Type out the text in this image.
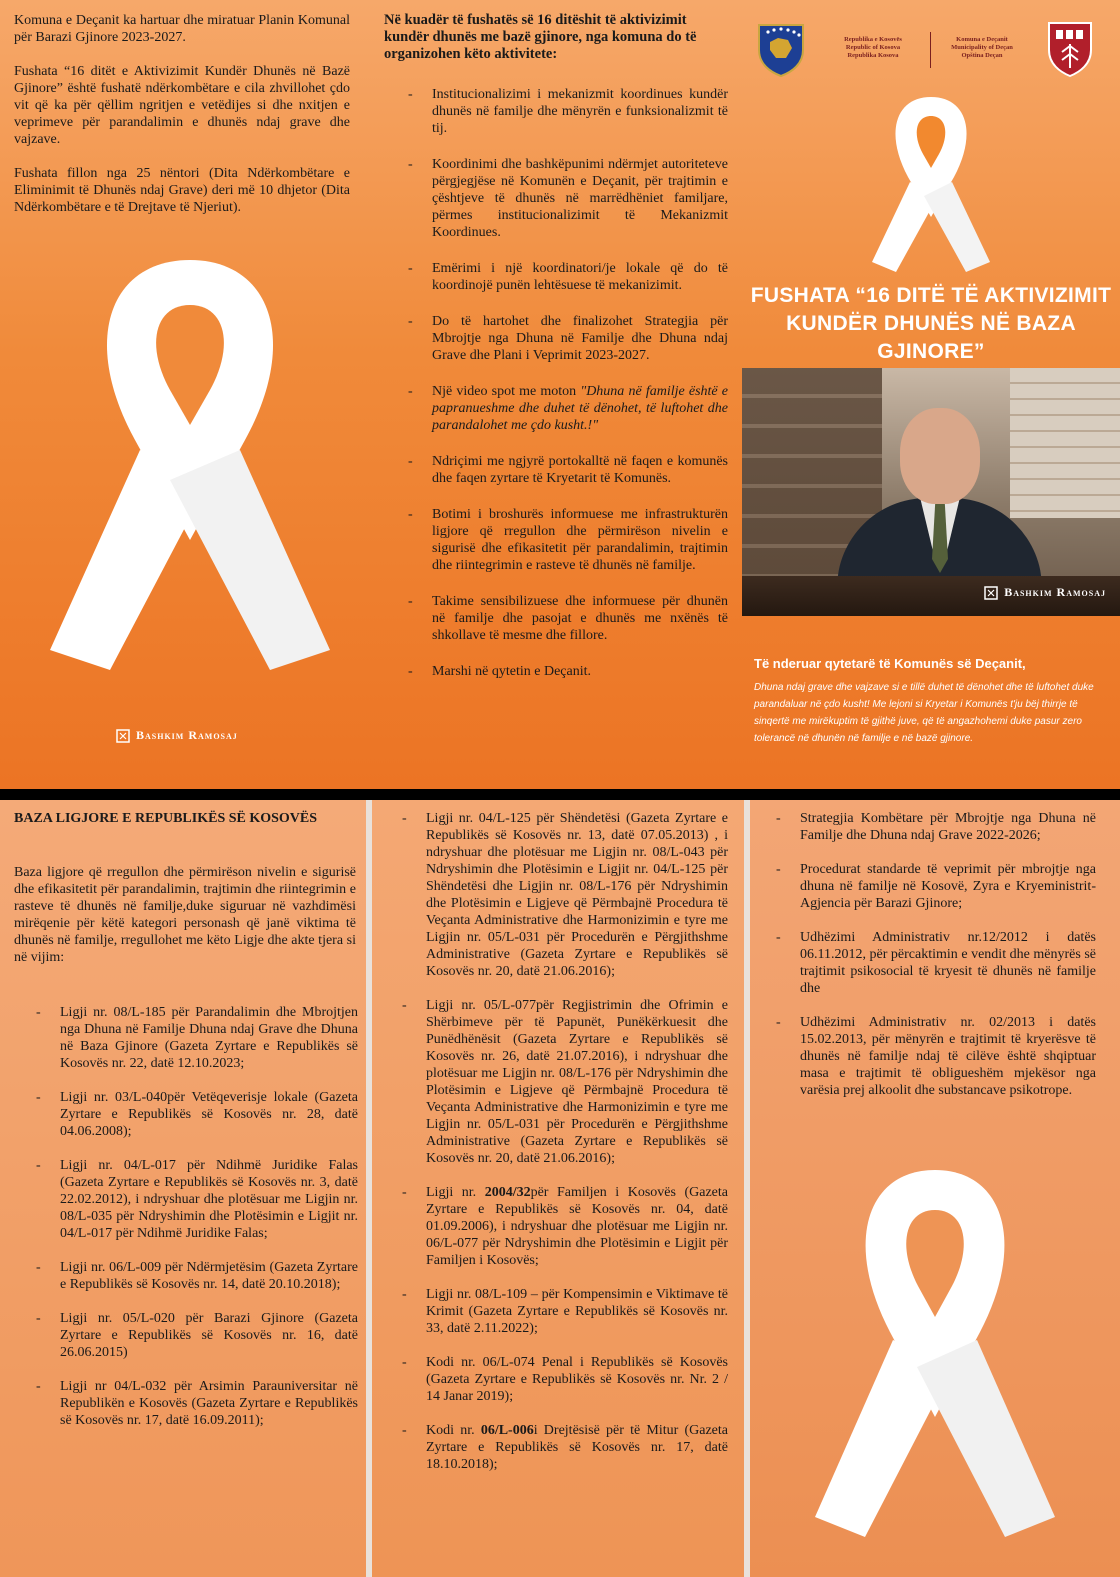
Komuna e Deçanit ka hartuar dhe miratuar Planin Komunal për Barazi Gjinore 2023-2027.

Fushata “16 ditët e Aktivizimit Kundër Dhunës në Bazë Gjinore” është fushatë ndërkombëtare e cila zhvillohet çdo vit që ka për qëllim ngritjen e vetëdijes si dhe nxitjen e veprimeve për parandalimin e dhunës ndaj grave dhe vajzave.

Fushata fillon nga 25 nëntori (Dita Ndërkombëtare e Eliminimit të Dhunës ndaj Grave) deri më 10 dhjetor (Dita Ndërkombëtare e të Drejtave të Njeriut).

Bashkim Ramosaj
Në kuadër të fushatës së 16 ditëshit të aktivizimit kundër dhunës me bazë gjinore, nga komuna do të organizohen këto aktivitete:
- Institucionalizimi i mekanizmit koordinues kundër dhunës në familje dhe mënyrën e funksionalizmit të tij.
- Koordinimi dhe bashkëpunimi ndërmjet autoriteteve përgjegjëse në Komunën e Deçanit, për trajtimin e çështjeve të dhunës në marrëdhëniet familjare, përmes institucionalizimit të Mekanizmit Koordinues.
- Emërimi i një koordinatori/je lokale që do të koordinojë punën lehtësuese të mekanizimit.
- Do të hartohet dhe finalizohet Strategjia për Mbrojtje nga Dhuna në Familje dhe Dhuna ndaj Grave dhe Plani i Veprimit 2023-2027.
- Një video spot me moton "Dhuna në familje është e papranueshme dhe duhet të dënohet, të luftohet dhe parandalohet me çdo kusht.!"
- Ndriçimi me ngjyrë portokalltë në faqen e komunës dhe faqen zyrtare të Kryetarit të Komunës.
- Botimi i broshurës informuese me infrastrukturën ligjore që rregullon dhe përmirëson nivelin e sigurisë dhe efikasitetit për parandalimin, trajtimin dhe riintegrimin e rasteve të dhunës në familje.
- Takime sensibilizuese dhe informuese për dhunën në familje dhe pasojat e dhunës me nxënës të shkollave të mesme dhe fillore.
- Marshi në qytetin e Deçanit.
Republika e Kosovës
Republic of Kosova
Republika Kosova
Komuna e Deçanit
Municipality of Deçan
Opština Deçan
FUSHATA “16 DITË TË AKTIVIZIMIT
KUNDËR DHUNËS NË BAZA GJINORE”
Bashkim Ramosaj
Të nderuar qytetarë të Komunës së Deçanit,
Dhuna ndaj grave dhe vajzave si e tillë duhet të dënohet dhe të luftohet duke parandaluar në çdo kusht! Me lejoni si Kryetar i Komunës t'ju bëj thirrje të sinqertë me mirëkuptim të gjithë juve, që të angazhohemi duke pasur zero tolerancë në dhunën në familje e në bazë gjinore.
BAZA LIGJORE E REPUBLIKËS SË KOSOVËS
Baza ligjore që rregullon dhe përmirëson nivelin e sigurisë dhe efikasitetit për parandalimin, trajtimin dhe riintegrimin e rasteve të dhunës në familje,duke siguruar në vazhdimësi mirëqenie për këtë kategori personash që janë viktima të dhunës në familje, rregullohet me këto Ligje dhe akte tjera si në vijim:
- Ligji nr. 08/L-185 për Parandalimin dhe Mbrojtjen nga Dhuna në Familje Dhuna ndaj Grave dhe Dhuna në Baza Gjinore (Gazeta Zyrtare e Republikës së Kosovës nr. 22, datë 12.10.2023;
- Ligji nr. 03/L-040për Vetëqeverisje lokale (Gazeta Zyrtare e Republikës së Kosovës nr. 28, datë 04.06.2008);
- Ligji nr. 04/L-017 për Ndihmë Juridike Falas (Gazeta Zyrtare e Republikës së Kosovës nr. 3, datë 22.02.2012), i ndryshuar dhe plotësuar me Ligjin nr. 08/L-035 për Ndryshimin dhe Plotësimin e Ligjit nr. 04/L-017 për Ndihmë Juridike Falas;
- Ligji nr. 06/L-009 për Ndërmjetësim (Gazeta Zyrtare e Republikës së Kosovës nr. 14, datë 20.10.2018);
- Ligji nr. 05/L-020 për Barazi Gjinore (Gazeta Zyrtare e Republikës së Kosovës nr. 16, datë 26.06.2015)
- Ligji nr 04/L-032 për Arsimin Parauniversitar në Republikën e Kosovës (Gazeta Zyrtare e Republikës së Kosovës nr. 17, datë 16.09.2011);
- Ligji nr. 04/L-125 për Shëndetësi (Gazeta Zyrtare e Republikës së Kosovës nr. 13, datë 07.05.2013) , i ndryshuar dhe plotësuar me Ligjin nr. 08/L-043 për Ndryshimin dhe Plotësimin e Ligjit nr. 04/L-125 për Shëndetësi dhe Ligjin nr. 08/L-176 për Ndryshimin dhe Plotësimin e Ligjeve që Përmbajnë Procedura të Veçanta Administrative dhe Harmonizimin e tyre me Ligjin nr. 05/L-031 për Procedurën e Përgjithshme Administrative (Gazeta Zyrtare e Republikës së Kosovës nr. 20, datë 21.06.2016);
- Ligji nr. 05/L-077për Regjistrimin dhe Ofrimin e Shërbimeve për të Papunët, Punëkërkuesit dhe Punëdhënësit (Gazeta Zyrtare e Republikës së Kosovës nr. 26, datë 21.07.2016), i ndryshuar dhe plotësuar me Ligjin nr. 08/L-176 për Ndryshimin dhe Plotësimin e Ligjeve që Përmbajnë Procedura të Veçanta Administrative dhe Harmonizimin e tyre me Ligjin nr. 05/L-031 për Procedurën e Përgjithshme Administrative (Gazeta Zyrtare e Republikës së Kosovës nr. 20, datë 21.06.2016);
- Ligji nr. 2004/32për Familjen i Kosovës (Gazeta Zyrtare e Republikës së Kosovës nr. 04, datë 01.09.2006), i ndryshuar dhe plotësuar me Ligjin nr. 06/L-077 për Ndryshimin dhe Plotësimin e Ligjit për Familjen i Kosovës;
- Ligji nr. 08/L-109 – për Kompensimin e Viktimave të Krimit (Gazeta Zyrtare e Republikës së Kosovës nr. 33, datë 2.11.2022);
- Kodi nr. 06/L-074 Penal i Republikës së Kosovës (Gazeta Zyrtare e Republikës së Kosovës nr. Nr. 2 / 14 Janar 2019);
- Kodi nr. 06/L-006i Drejtësisë për të Mitur (Gazeta Zyrtare e Republikës së Kosovës nr. 17, datë 18.10.2018);
- Strategjia Kombëtare për Mbrojtje nga Dhuna në Familje dhe Dhuna ndaj Grave 2022-2026;
- Procedurat standarde të veprimit për mbrojtje nga dhuna në familje në Kosovë, Zyra e Kryeministrit- Agjencia për Barazi Gjinore;
- Udhëzimi Administrativ nr.12/2012 i datës 06.11.2012, për përcaktimin e vendit dhe mënyrës së trajtimit psikosocial të kryesit të dhunës në familje dhe
- Udhëzimi Administrativ nr. 02/2013 i datës 15.02.2013, për mënyrën e trajtimit të kryerësve të dhunës në familje ndaj të cilëve është shqiptuar masa e trajtimit të obligueshëm mjekësor nga varësia prej alkoolit dhe substancave psikotrope.
